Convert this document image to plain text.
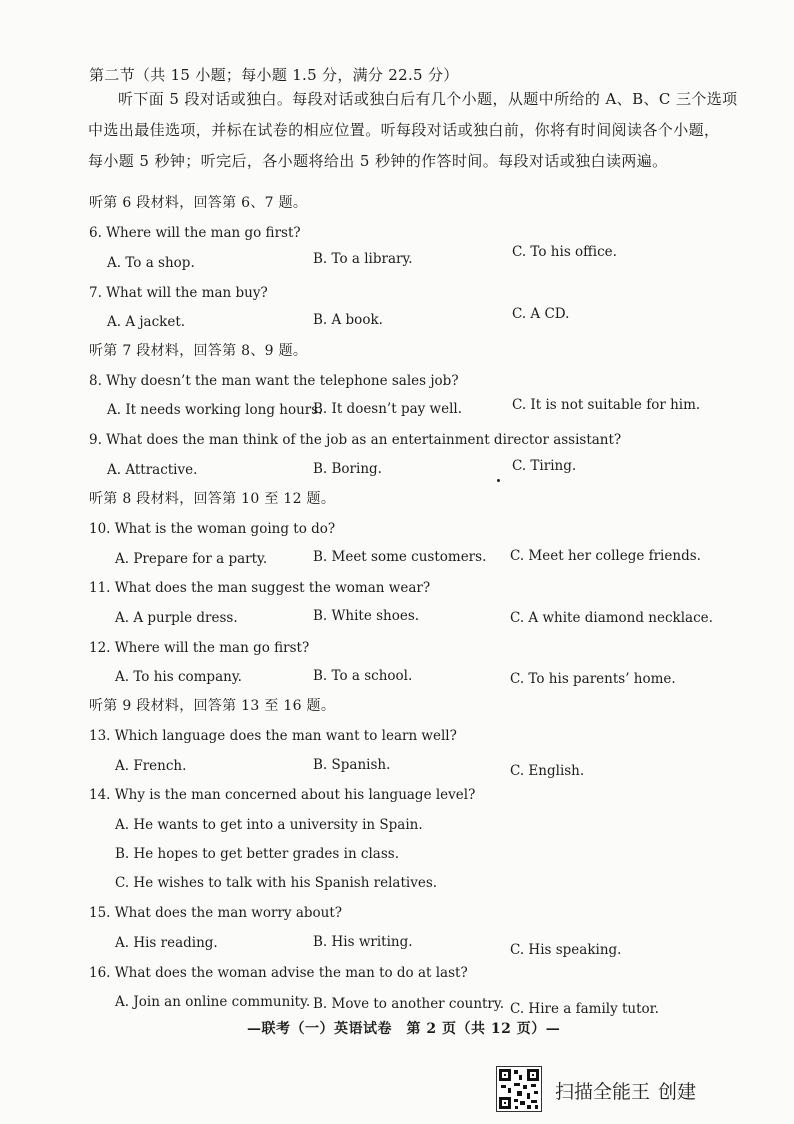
第二节（共 15 小题；每小题 1.5 分，满分 22.5 分）
听下面 5 段对话或独白。每段对话或独白后有几个小题，从题中所给的 A、B、C 三个选项
中选出最佳选项，并标在试卷的相应位置。听每段对话或独白前，你将有时间阅读各个小题，
每小题 5 秒钟；听完后，各小题将给出 5 秒钟的作答时间。每段对话或独白读两遍。
听第 6 段材料，回答第 6、7 题。
6. Where will the man go first?
A. To a shop.	B. To a library.	C. To his office.
7. What will the man buy?
A. A jacket.	B. A book.	C. A CD.
听第 7 段材料，回答第 8、9 题。
8. Why doesn’t the man want the telephone sales job?
A. It needs working long hours.
B. It doesn’t pay well.	C. It is not suitable for him.
9. What does the man think of the job as an entertainment director assistant?
A. Attractive.	B. Boring.	C. Tiring.
听第 8 段材料，回答第 10 至 12 题。
10. What is the woman going to do?
A. Prepare for a party.	B. Meet some customers. C. Meet her college friends.
11. What does the man suggest the woman wear?
A. A purple dress.	B. White shoes.	C. A white diamond necklace.
12. Where will the man go first?
A. To his company.	B. To a school.	C. To his parents’ home.
听第 9 段材料，回答第 13 至 16 题。
13. Which language does the man want to learn well?
A. French.	B. Spanish.	C. English.
14. Why is the man concerned about his language level?
A. He wants to get into a university in Spain.
B. He hopes to get better grades in class.
C. He wishes to talk with his Spanish relatives.
15. What does the man worry about?
A. His reading.	B. His writing.	C. His speaking.
16. What does the woman advise the man to do at last?
A. Join an online community. B. Move to another country. C. Hire a family tutor.
—联考（一）英语试卷　第 2 页（共 12 页）—
扫描全能王 创建
